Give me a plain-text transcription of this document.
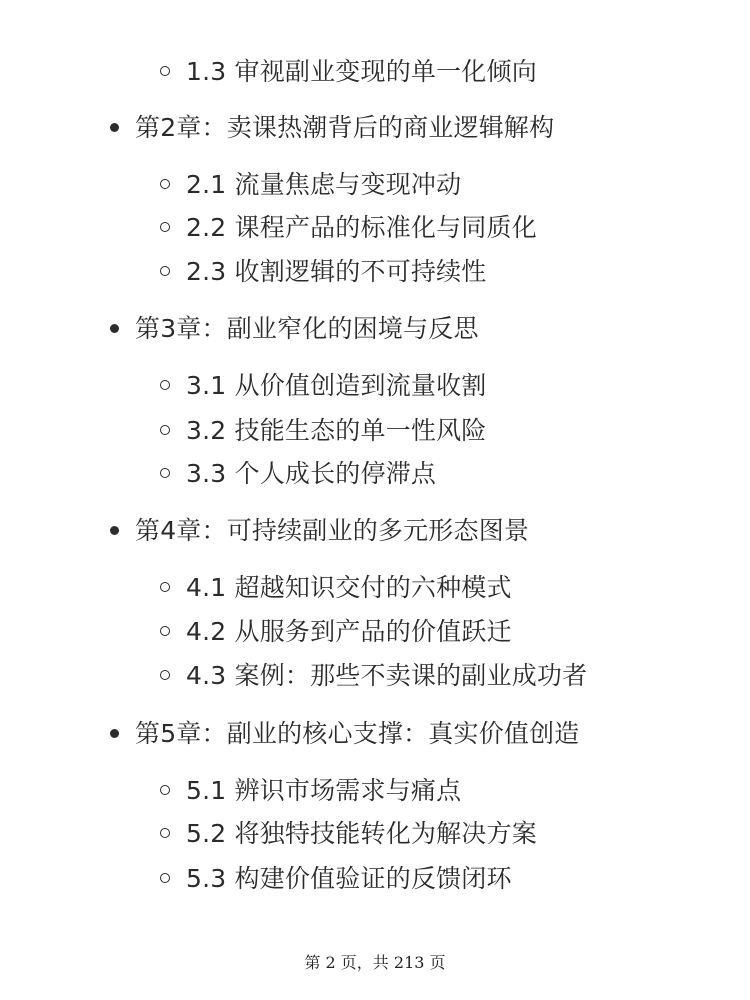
1.3 审视副业变现的单一化倾向
第2章：卖课热潮背后的商业逻辑解构
2.1 流量焦虑与变现冲动
2.2 课程产品的标准化与同质化
2.3 收割逻辑的不可持续性
第3章：副业窄化的困境与反思
3.1 从价值创造到流量收割
3.2 技能生态的单一性风险
3.3 个人成长的停滞点
第4章：可持续副业的多元形态图景
4.1 超越知识交付的六种模式
4.2 从服务到产品的价值跃迁
4.3 案例：那些不卖课的副业成功者
第5章：副业的核心支撑：真实价值创造
5.1 辨识市场需求与痛点
5.2 将独特技能转化为解决方案
5.3 构建价值验证的反馈闭环
第 2 页，共 213 页
